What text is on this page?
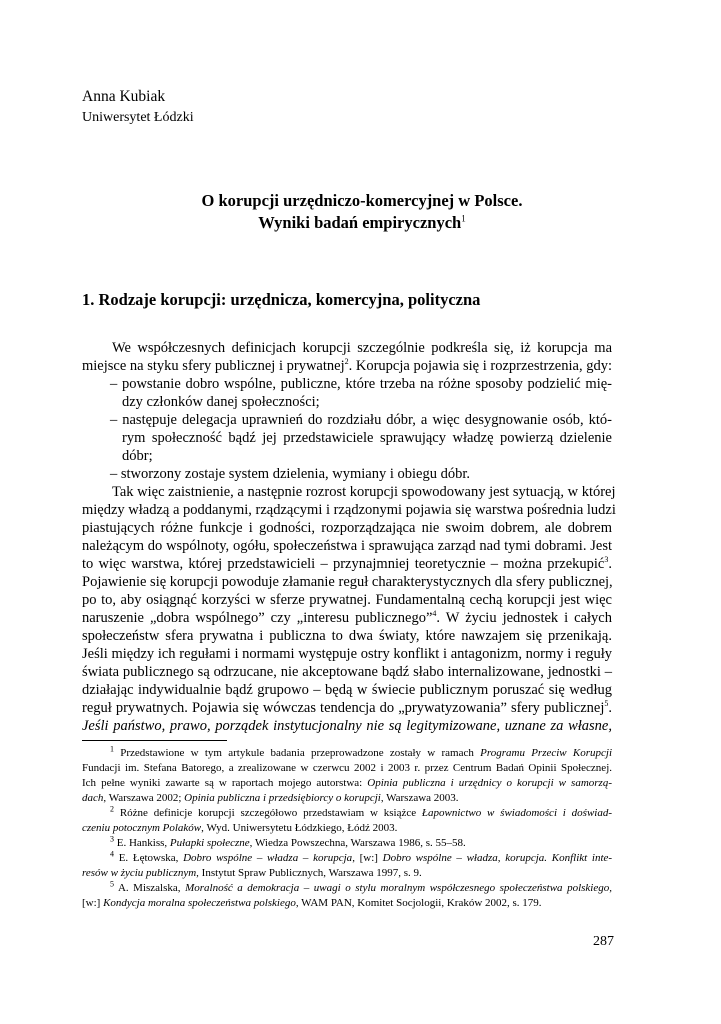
Anna Kubiak
Uniwersytet Łódzki
O korupcji urzędniczo-komercyjnej w Polsce.
Wyniki badań empirycznych$^1$
1. Rodzaje korupcji: urzędnicza, komercyjna, polityczna
We współczesnych definicjach korupcji szczególnie podkreśla się, iż korupcja ma
miejsce na styku sfery publicznej i prywatnej$^2$. Korupcja pojawia się i rozprzestrzenia, gdy:
– powstanie dobro wspólne, publiczne, które trzeba na różne sposoby podzielić mię-
dzy członków danej społeczności;
– następuje delegacja uprawnień do rozdziału dóbr, a więc desygnowanie osób, któ-
rym społeczność bądź jej przedstawiciele sprawujący władzę powierzą dzielenie
dóbr;
– stworzony zostaje system dzielenia, wymiany i obiegu dóbr.
Tak więc zaistnienie, a następnie rozrost korupcji spowodowany jest sytuacją, w której
między władzą a poddanymi, rządzącymi i rządzonymi pojawia się warstwa pośrednia ludzi
piastujących różne funkcje i godności, rozporządzająca nie swoim dobrem, ale dobrem
należącym do wspólnoty, ogółu, społeczeństwa i sprawująca zarząd nad tymi dobrami. Jest
to więc warstwa, której przedstawicieli – przynajmniej teoretycznie – można przekupić$^3$.
Pojawienie się korupcji powoduje złamanie reguł charakterystycznych dla sfery publicznej,
po to, aby osiągnąć korzyści w sferze prywatnej. Fundamentalną cechą korupcji jest więc
naruszenie „dobra wspólnego” czy „interesu publicznego”$^4$. W życiu jednostek i całych
społeczeństw sfera prywatna i publiczna to dwa światy, które nawzajem się przenikają.
Jeśli między ich regułami i normami występuje ostry konflikt i antagonizm, normy i reguły
świata publicznego są odrzucane, nie akceptowane bądź słabo internalizowane, jednostki –
działając indywidualnie bądź grupowo – będą w świecie publicznym poruszać się według
reguł prywatnych. Pojawia się wówczas tendencja do „prywatyzowania” sfery publicznej$^5$.
Jeśli państwo, prawo, porządek instytucjonalny nie są legitymizowane, uznane za własne,
$^1$ Przedstawione w tym artykule badania przeprowadzone zostały w ramach Programu Przeciw Korupcji
Fundacji im. Stefana Batorego, a zrealizowane w czerwcu 2002 i 2003 r. przez Centrum Badań Opinii Społecznej.
Ich pełne wyniki zawarte są w raportach mojego autorstwa: Opinia publiczna i urzędnicy o korupcji w samorzą-
dach, Warszawa 2002; Opinia publiczna i przedsiębiorcy o korupcji, Warszawa 2003.
$^2$ Różne definicje korupcji szczegółowo przedstawiam w książce Łapownictwo w świadomości i doświad-
czeniu potocznym Polaków, Wyd. Uniwersytetu Łódzkiego, Łódź 2003.
$^3$ E. Hankiss, Pułapki społeczne, Wiedza Powszechna, Warszawa 1986, s. 55–58.
$^4$ E. Łętowska, Dobro wspólne – władza – korupcja, [w:] Dobro wspólne – władza, korupcja. Konflikt inte-
resów w życiu publicznym, Instytut Spraw Publicznych, Warszawa 1997, s. 9.
$^5$ A. Miszalska, Moralność a demokracja – uwagi o stylu moralnym współczesnego społeczeństwa polskiego,
[w:] Kondycja moralna społeczeństwa polskiego, WAM PAN, Komitet Socjologii, Kraków 2002, s. 179.
287
